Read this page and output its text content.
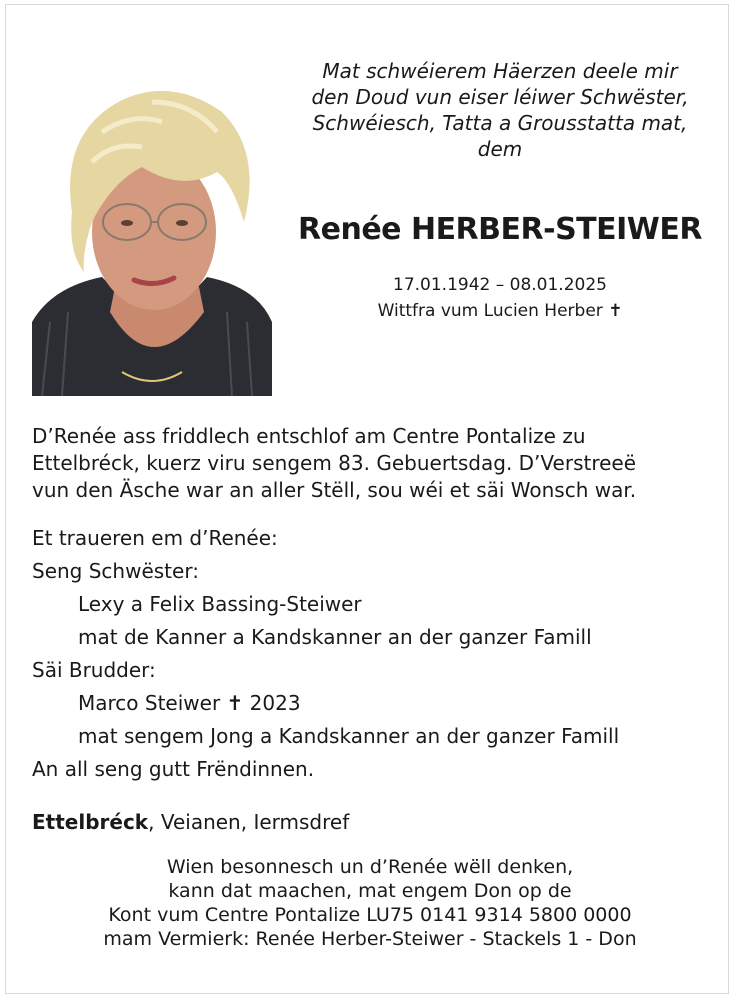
Mat schwéierem Häerzen deele mir
den Doud vun eiser léiwer Schwëster,
Schwéiesch, Tatta a Grousstatta mat,
dem
Renée HERBER-STEIWER
17.01.1942 – 08.01.2025
Wittfra vum Lucien Herber ✝
D’Renée ass friddlech entschlof am Centre Pontalize zu
Ettelbréck, kuerz viru sengem 83. Gebuertsdag. D’Verstreeë
vun den Äsche war an aller Stëll, sou wéi et säi Wonsch war.
Et traueren em d’Renée:
Seng Schwëster:
Lexy a Felix Bassing-Steiwer
mat de Kanner a Kandskanner an der ganzer Famill
Säi Brudder:
Marco Steiwer ✝ 2023
mat sengem Jong a Kandskanner an der ganzer Famill
An all seng gutt Frëndinnen.
Ettelbréck, Veianen, Iermsdref
Wien besonnesch un d’Renée wëll denken,
kann dat maachen, mat engem Don op de
Kont vum Centre Pontalize LU75 0141 9314 5800 0000
mam Vermierk: Renée Herber-Steiwer - Stackels 1 - Don
